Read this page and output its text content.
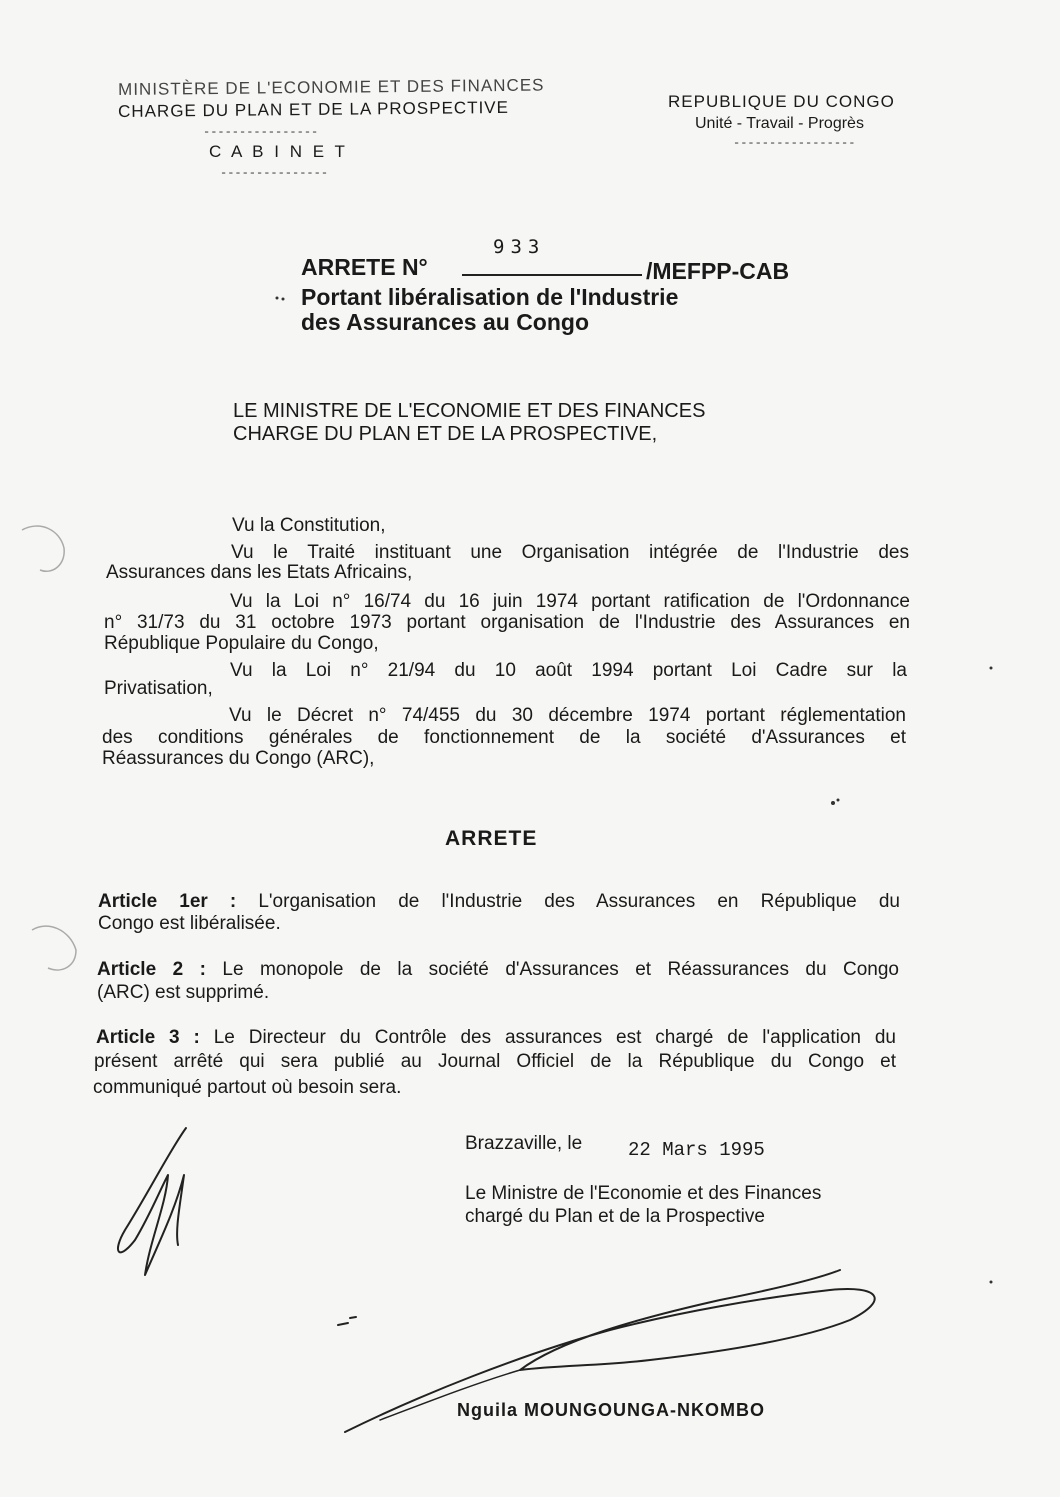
MINISTÈRE DE L'ECONOMIE ET DES FINANCES
CHARGE DU PLAN ET DE LA PROSPECTIVE
----------------
C A B I N E T
---------------
REPUBLIQUE DU CONGO
Unité - Travail - Progrès
-----------------
ARRETE N°
933
/MEFPP-CAB
Portant libéralisation de l'Industrie
des Assurances au Congo
LE MINISTRE DE L'ECONOMIE ET DES FINANCES
CHARGE DU PLAN ET DE LA PROSPECTIVE,
Vu la Constitution,
Vu le Traité instituant une Organisation intégrée de l'Industrie des
Assurances dans les Etats Africains,
Vu la Loi n° 16/74 du 16 juin 1974 portant ratification de l'Ordonnance
n° 31/73 du 31 octobre 1973 portant organisation de l'Industrie des Assurances en
République Populaire du Congo,
Vu la Loi n° 21/94 du 10 août 1994 portant Loi Cadre sur la
Privatisation,
Vu le Décret n° 74/455 du 30 décembre 1974 portant réglementation
des conditions générales de fonctionnement de la société d'Assurances et
Réassurances du Congo (ARC),
ARRETE
Article 1er : L'organisation de l'Industrie des Assurances en République du
Congo est libéralisée.
Article 2 : Le monopole de la société d'Assurances et Réassurances du Congo
(ARC) est supprimé.
Article 3 : Le Directeur du Contrôle des assurances est chargé de l'application du
présent arrêté qui sera publié au Journal Officiel de la République du Congo et
communiqué partout où besoin sera.
Brazzaville, le 22 Mars 1995
Le Ministre de l'Economie et des Finances
chargé du Plan et de la Prospective
Nguila MOUNGOUNGA-NKOMBO
